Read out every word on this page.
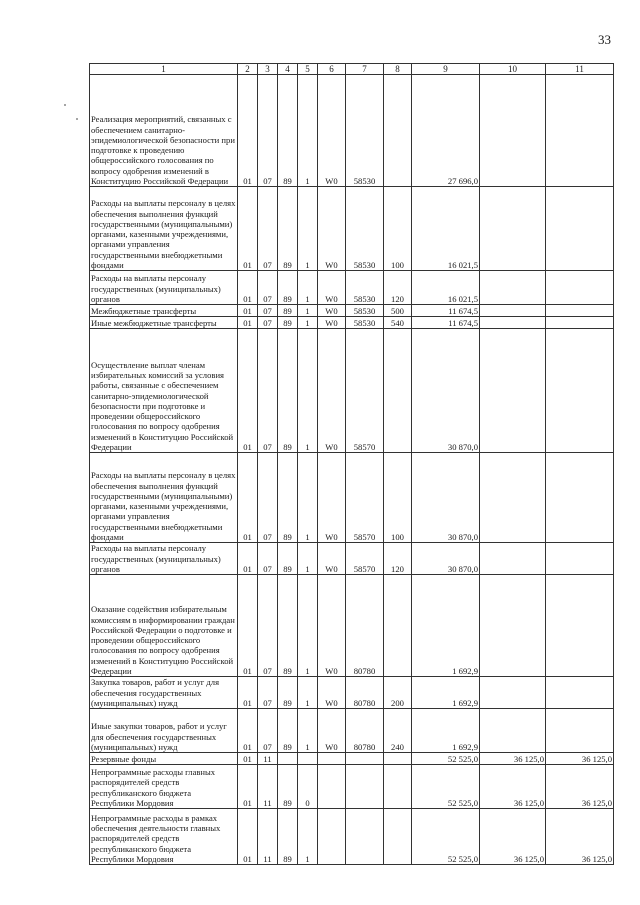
33
1	2	3	4	5	6	7	8	9	10	11
Реализация мероприятий, связанных с обеспечением санитарно-эпидемиологической безопасности при подготовке к проведению общероссийского голосования по вопросу одобрения изменений в Конституцию Российской Федерации	01	07	89	1	W0	58530		27 696,0		
Расходы на выплаты персоналу в целях обеспечения выполнения функций государственными (муниципальными) органами, казенными учреждениями, органами управления государственными внебюджетными фондами	01	07	89	1	W0	58530	100	16 021,5		
Расходы на выплаты персоналу государственных (муниципальных) органов	01	07	89	1	W0	58530	120	16 021,5		
Межбюджетные трансферты	01	07	89	1	W0	58530	500	11 674,5		
Иные межбюджетные трансферты	01	07	89	1	W0	58530	540	11 674,5		
Осуществление выплат членам избирательных комиссий за условия работы, связанные с обеспечением санитарно-эпидемиологической безопасности при подготовке и проведении общероссийского голосования по вопросу одобрения изменений в Конституцию Российской Федерации	01	07	89	1	W0	58570		30 870,0		
Расходы на выплаты персоналу в целях обеспечения выполнения функций государственными (муниципальными) органами, казенными учреждениями, органами управления государственными внебюджетными фондами	01	07	89	1	W0	58570	100	30 870,0		
Расходы на выплаты персоналу государственных (муниципальных) органов	01	07	89	1	W0	58570	120	30 870,0		
Оказание содействия избирательным комиссиям в информировании граждан Российской Федерации о подготовке и проведении общероссийского голосования по вопросу одобрения изменений в Конституцию Российской Федерации	01	07	89	1	W0	80780		1 692,9		
Закупка товаров, работ и услуг для обеспечения государственных (муниципальных) нужд	01	07	89	1	W0	80780	200	1 692,9		
Иные закупки товаров, работ и услуг для обеспечения государственных (муниципальных) нужд	01	07	89	1	W0	80780	240	1 692,9		
Резервные фонды	01	11						52 525,0	36 125,0	36 125,0
Непрограммные расходы главных распорядителей средств республиканского бюджета Республики Мордовия	01	11	89	0				52 525,0	36 125,0	36 125,0
Непрограммные расходы в рамках обеспечения деятельности главных распорядителей средств республиканского бюджета Республики Мордовия	01	11	89	1				52 525,0	36 125,0	36 125,0
